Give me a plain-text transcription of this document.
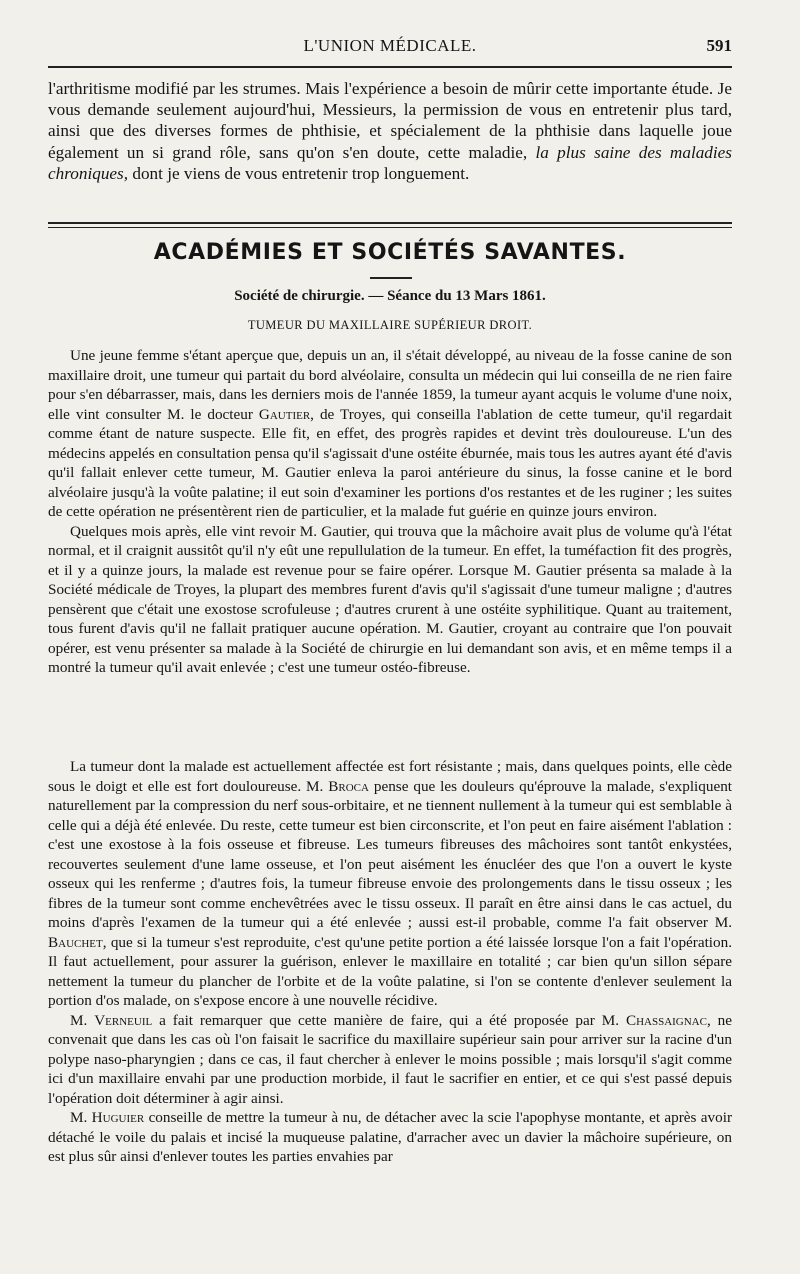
L'UNION MÉDICALE.	591

l'arthritisme modifié par les strumes. Mais l'expérience a besoin de mûrir cette importante étude. Je vous demande seulement aujourd'hui, Messieurs, la permission de vous en entretenir plus tard, ainsi que des diverses formes de phthisie, et spécialement de la phthisie dans laquelle joue également un si grand rôle, sans qu'on s'en doute, cette maladie, la plus saine des maladies chroniques, dont je viens de vous entretenir trop longuement.

ACADÉMIES ET SOCIÉTÉS SAVANTES.
Société de chirurgie. — Séance du 13 Mars 1861.
TUMEUR DU MAXILLAIRE SUPÉRIEUR DROIT.

Une jeune femme s'étant aperçue que, depuis un an, il s'était développé, au niveau de la fosse canine de son maxillaire droit, une tumeur qui partait du bord alvéolaire, consulta un médecin qui lui conseilla de ne rien faire pour s'en débarrasser, mais, dans les derniers mois de l'année 1859, la tumeur ayant acquis le volume d'une noix, elle vint consulter M. le docteur Gautier, de Troyes, qui conseilla l'ablation de cette tumeur, qu'il regardait comme étant de nature suspecte. Elle fit, en effet, des progrès rapides et devint très douloureuse. L'un des médecins appelés en consultation pensa qu'il s'agissait d'une ostéite éburnée, mais tous les autres ayant été d'avis qu'il fallait enlever cette tumeur, M. Gautier enleva la paroi antérieure du sinus, la fosse canine et le bord alvéolaire jusqu'à la voûte palatine; il eut soin d'examiner les portions d'os restantes et de les ruginer ; les suites de cette opération ne présentèrent rien de particulier, et la malade fut guérie en quinze jours environ.

Quelques mois après, elle vint revoir M. Gautier, qui trouva que la mâchoire avait plus de volume qu'à l'état normal, et il craignit aussitôt qu'il n'y eût une repullulation de la tumeur. En effet, la tuméfaction fit des progrès, et il y a quinze jours, la malade est revenue pour se faire opérer. Lorsque M. Gautier présenta sa malade à la Société médicale de Troyes, la plupart des membres furent d'avis qu'il s'agissait d'une tumeur maligne ; d'autres pensèrent que c'était une exostose scrofuleuse ; d'autres crurent à une ostéite syphilitique. Quant au traitement, tous furent d'avis qu'il ne fallait pratiquer aucune opération. M. Gautier, croyant au contraire que l'on pouvait opérer, est venu présenter sa malade à la Société de chirurgie en lui demandant son avis, et en même temps il a montré la tumeur qu'il avait enlevée ; c'est une tumeur ostéo-fibreuse.

La tumeur dont la malade est actuellement affectée est fort résistante ; mais, dans quelques points, elle cède sous le doigt et elle est fort douloureuse. M. Broca pense que les douleurs qu'éprouve la malade, s'expliquent naturellement par la compression du nerf sous-orbitaire, et ne tiennent nullement à la tumeur qui est semblable à celle qui a déjà été enlevée. Du reste, cette tumeur est bien circonscrite, et l'on peut en faire aisément l'ablation : c'est une exostose à la fois osseuse et fibreuse. Les tumeurs fibreuses des mâchoires sont tantôt enkystées, recouvertes seulement d'une lame osseuse, et l'on peut aisément les énucléer des que l'on a ouvert le kyste osseux qui les renferme ; d'autres fois, la tumeur fibreuse envoie des prolongements dans le tissu osseux ; les fibres de la tumeur sont comme enchevêtrées avec le tissu osseux. Il paraît en être ainsi dans le cas actuel, du moins d'après l'examen de la tumeur qui a été enlevée ; aussi est-il probable, comme l'a fait observer M. Bauchet, que si la tumeur s'est reproduite, c'est qu'une petite portion a été laissée lorsque l'on a fait l'opération. Il faut actuellement, pour assurer la guérison, enlever le maxillaire en totalité ; car bien qu'un sillon sépare nettement la tumeur du plancher de l'orbite et de la voûte palatine, si l'on se contente d'enlever seulement la portion d'os malade, on s'expose encore à une nouvelle récidive.

M. Verneuil a fait remarquer que cette manière de faire, qui a été proposée par M. Chassaignac, ne convenait que dans les cas où l'on faisait le sacrifice du maxillaire supérieur sain pour arriver sur la racine d'un polype naso-pharyngien ; dans ce cas, il faut chercher à enlever le moins possible ; mais lorsqu'il s'agit comme ici d'un maxillaire envahi par une production morbide, il faut le sacrifier en entier, et ce qui s'est passé depuis l'opération doit déterminer à agir ainsi.

M. Huguier conseille de mettre la tumeur à nu, de détacher avec la scie l'apophyse montante, et après avoir détaché le voile du palais et incisé la muqueuse palatine, d'arracher avec un davier la mâchoire supérieure, on est plus sûr ainsi d'enlever toutes les parties envahies par
